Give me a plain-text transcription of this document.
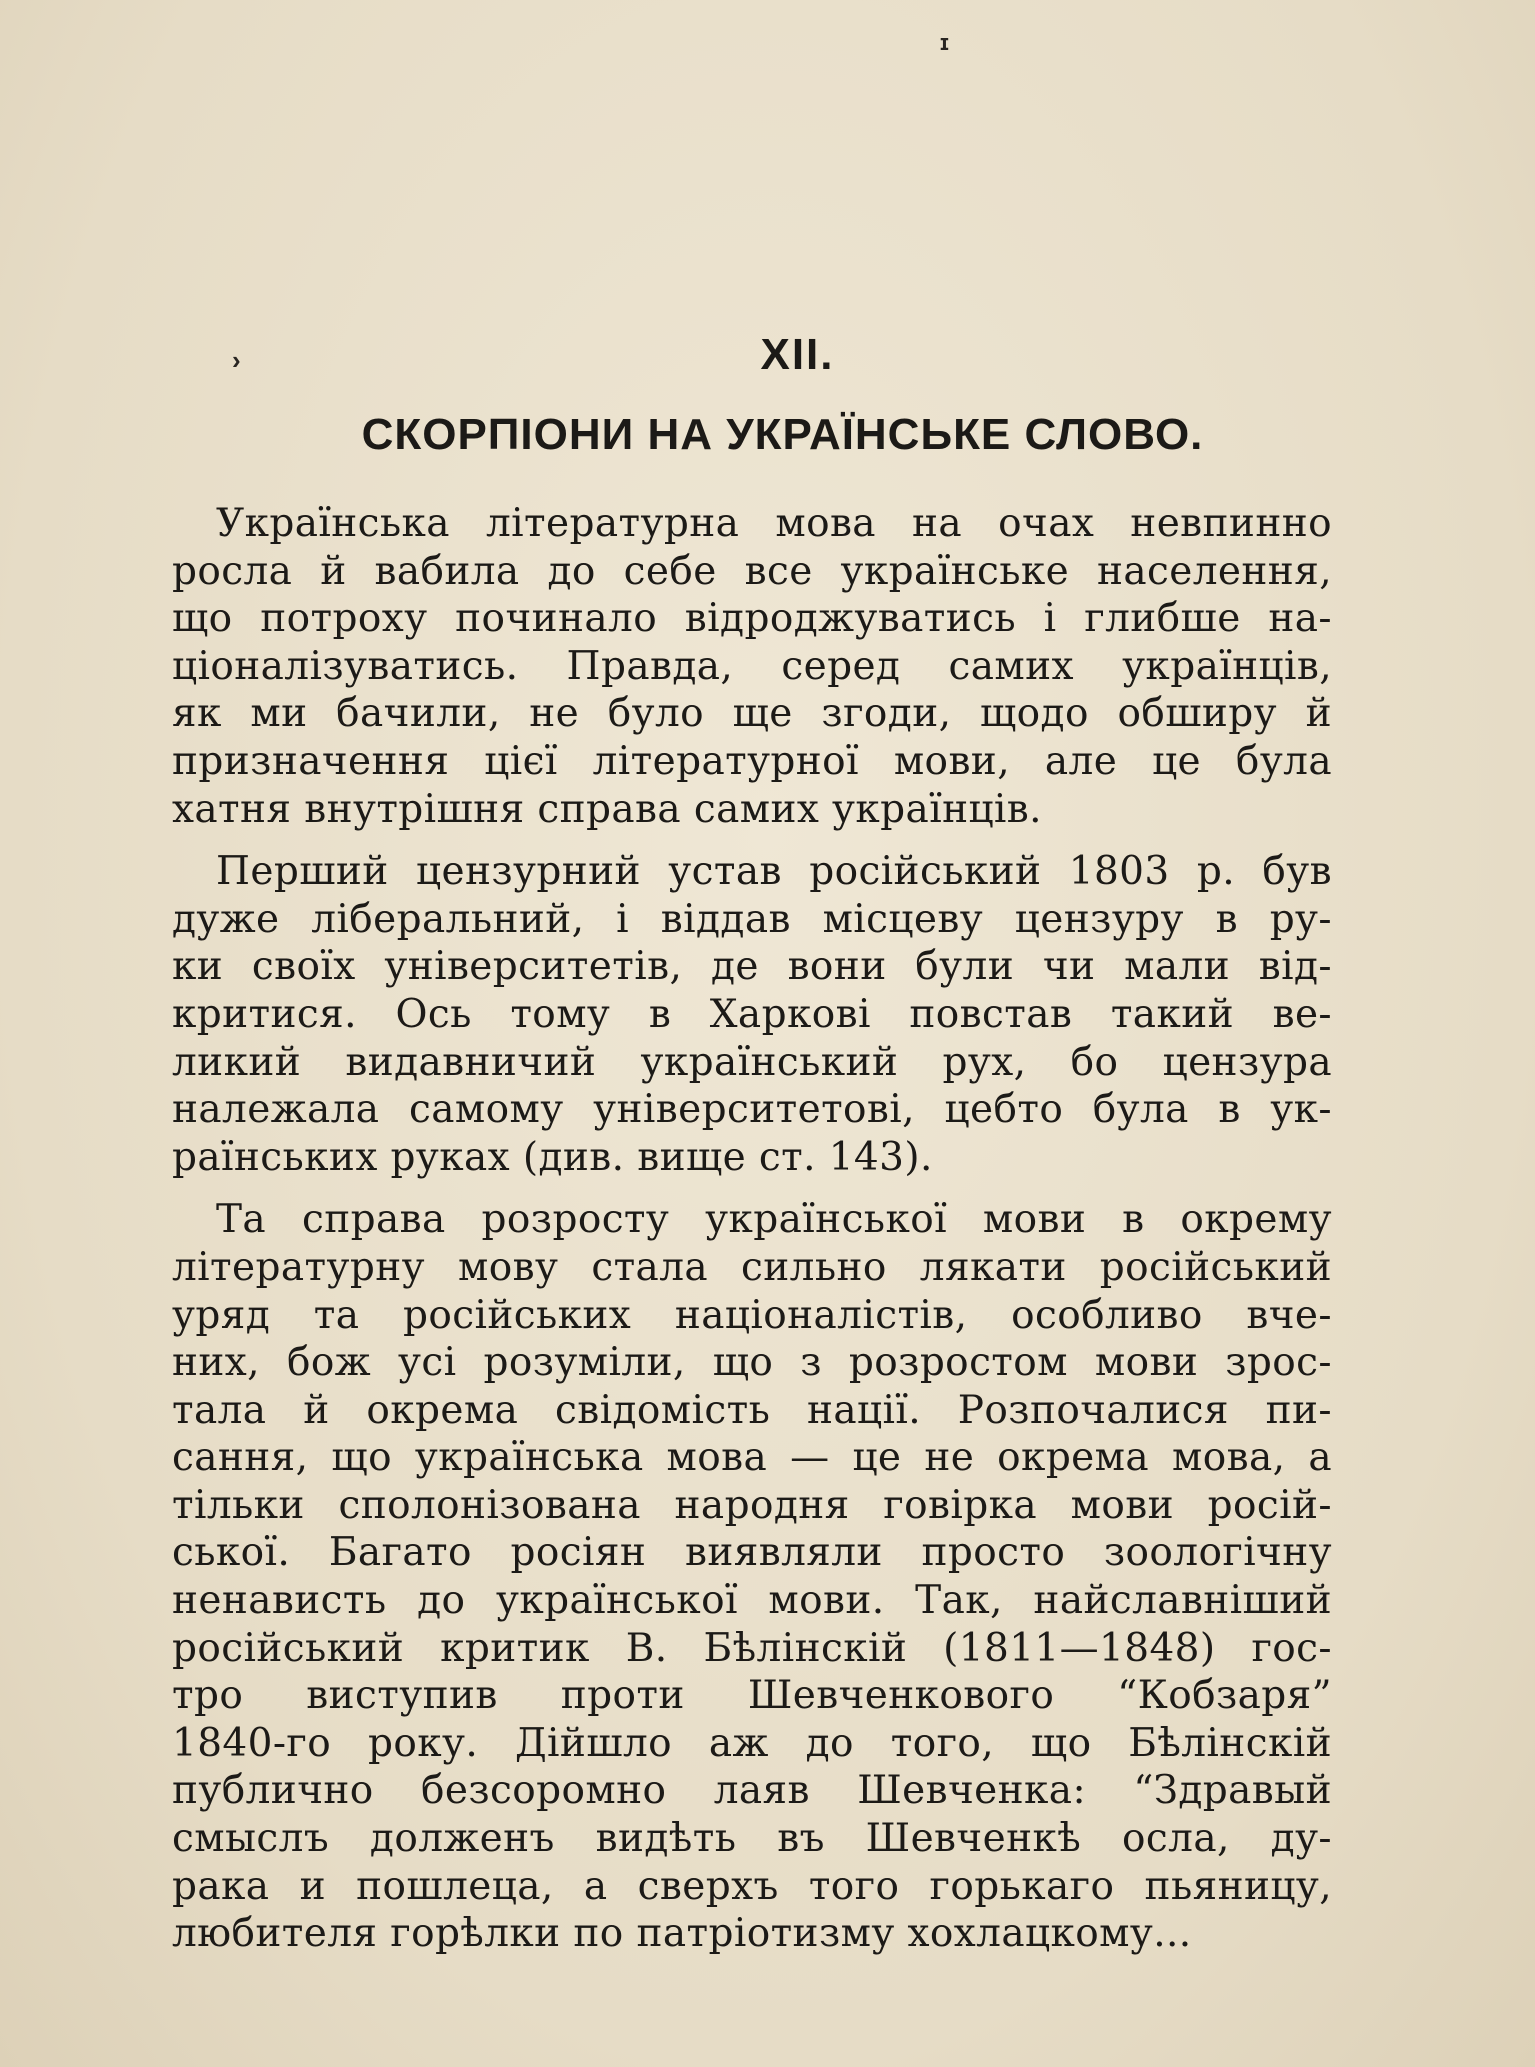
ɪ
›	XII.
СКОРПІОНИ НА УКРАЇНСЬКЕ СЛОВО.
Українська літературна мова на очах невпинно
росла й вабила до себе все українське населення,
що потроху починало відроджуватись і глибше на-
ціоналізуватись. Правда, серед самих українців,
як ми бачили, не було ще згоди, щодо обширу й
призначення цієї літературної мови, але це була
хатня внутрішня справа самих українців.
Перший цензурний устав російський 1803 р. був
дуже ліберальний, і віддав місцеву цензуру в ру-
ки своїх університетів, де вони були чи мали від-
критися. Ось тому в Харкові повстав такий ве-
ликий видавничий український рух, бо цензура
належала самому університетові, цебто була в ук-
раїнських руках (див. вище ст. 143).
Та справа розросту української мови в окрему
літературну мову стала сильно лякати російський
уряд та російських націоналістів, особливо вче-
них, бож усі розуміли, що з розростом мови зрос-
тала й окрема свідомість нації. Розпочалися пи-
сання, що українська мова — це не окрема мова, а
тільки сполонізована народня говірка мови росій-
ської. Багато росіян виявляли просто зоологічну
ненависть до української мови. Так, найславніший
російський критик В. Бѣлінскій (1811—1848) гос-
тро виступив проти Шевченкового “Кобзаря”
1840-го року. Дійшло аж до того, що Бѣлінскій
публично безсоромно лаяв Шевченка: “Здравый
смыслъ долженъ видѣть въ Шевченкѣ осла, ду-
рака и пошлеца, а сверхъ того горькаго пьяницу,
любителя горѣлки по патріотизму хохлацкому...
